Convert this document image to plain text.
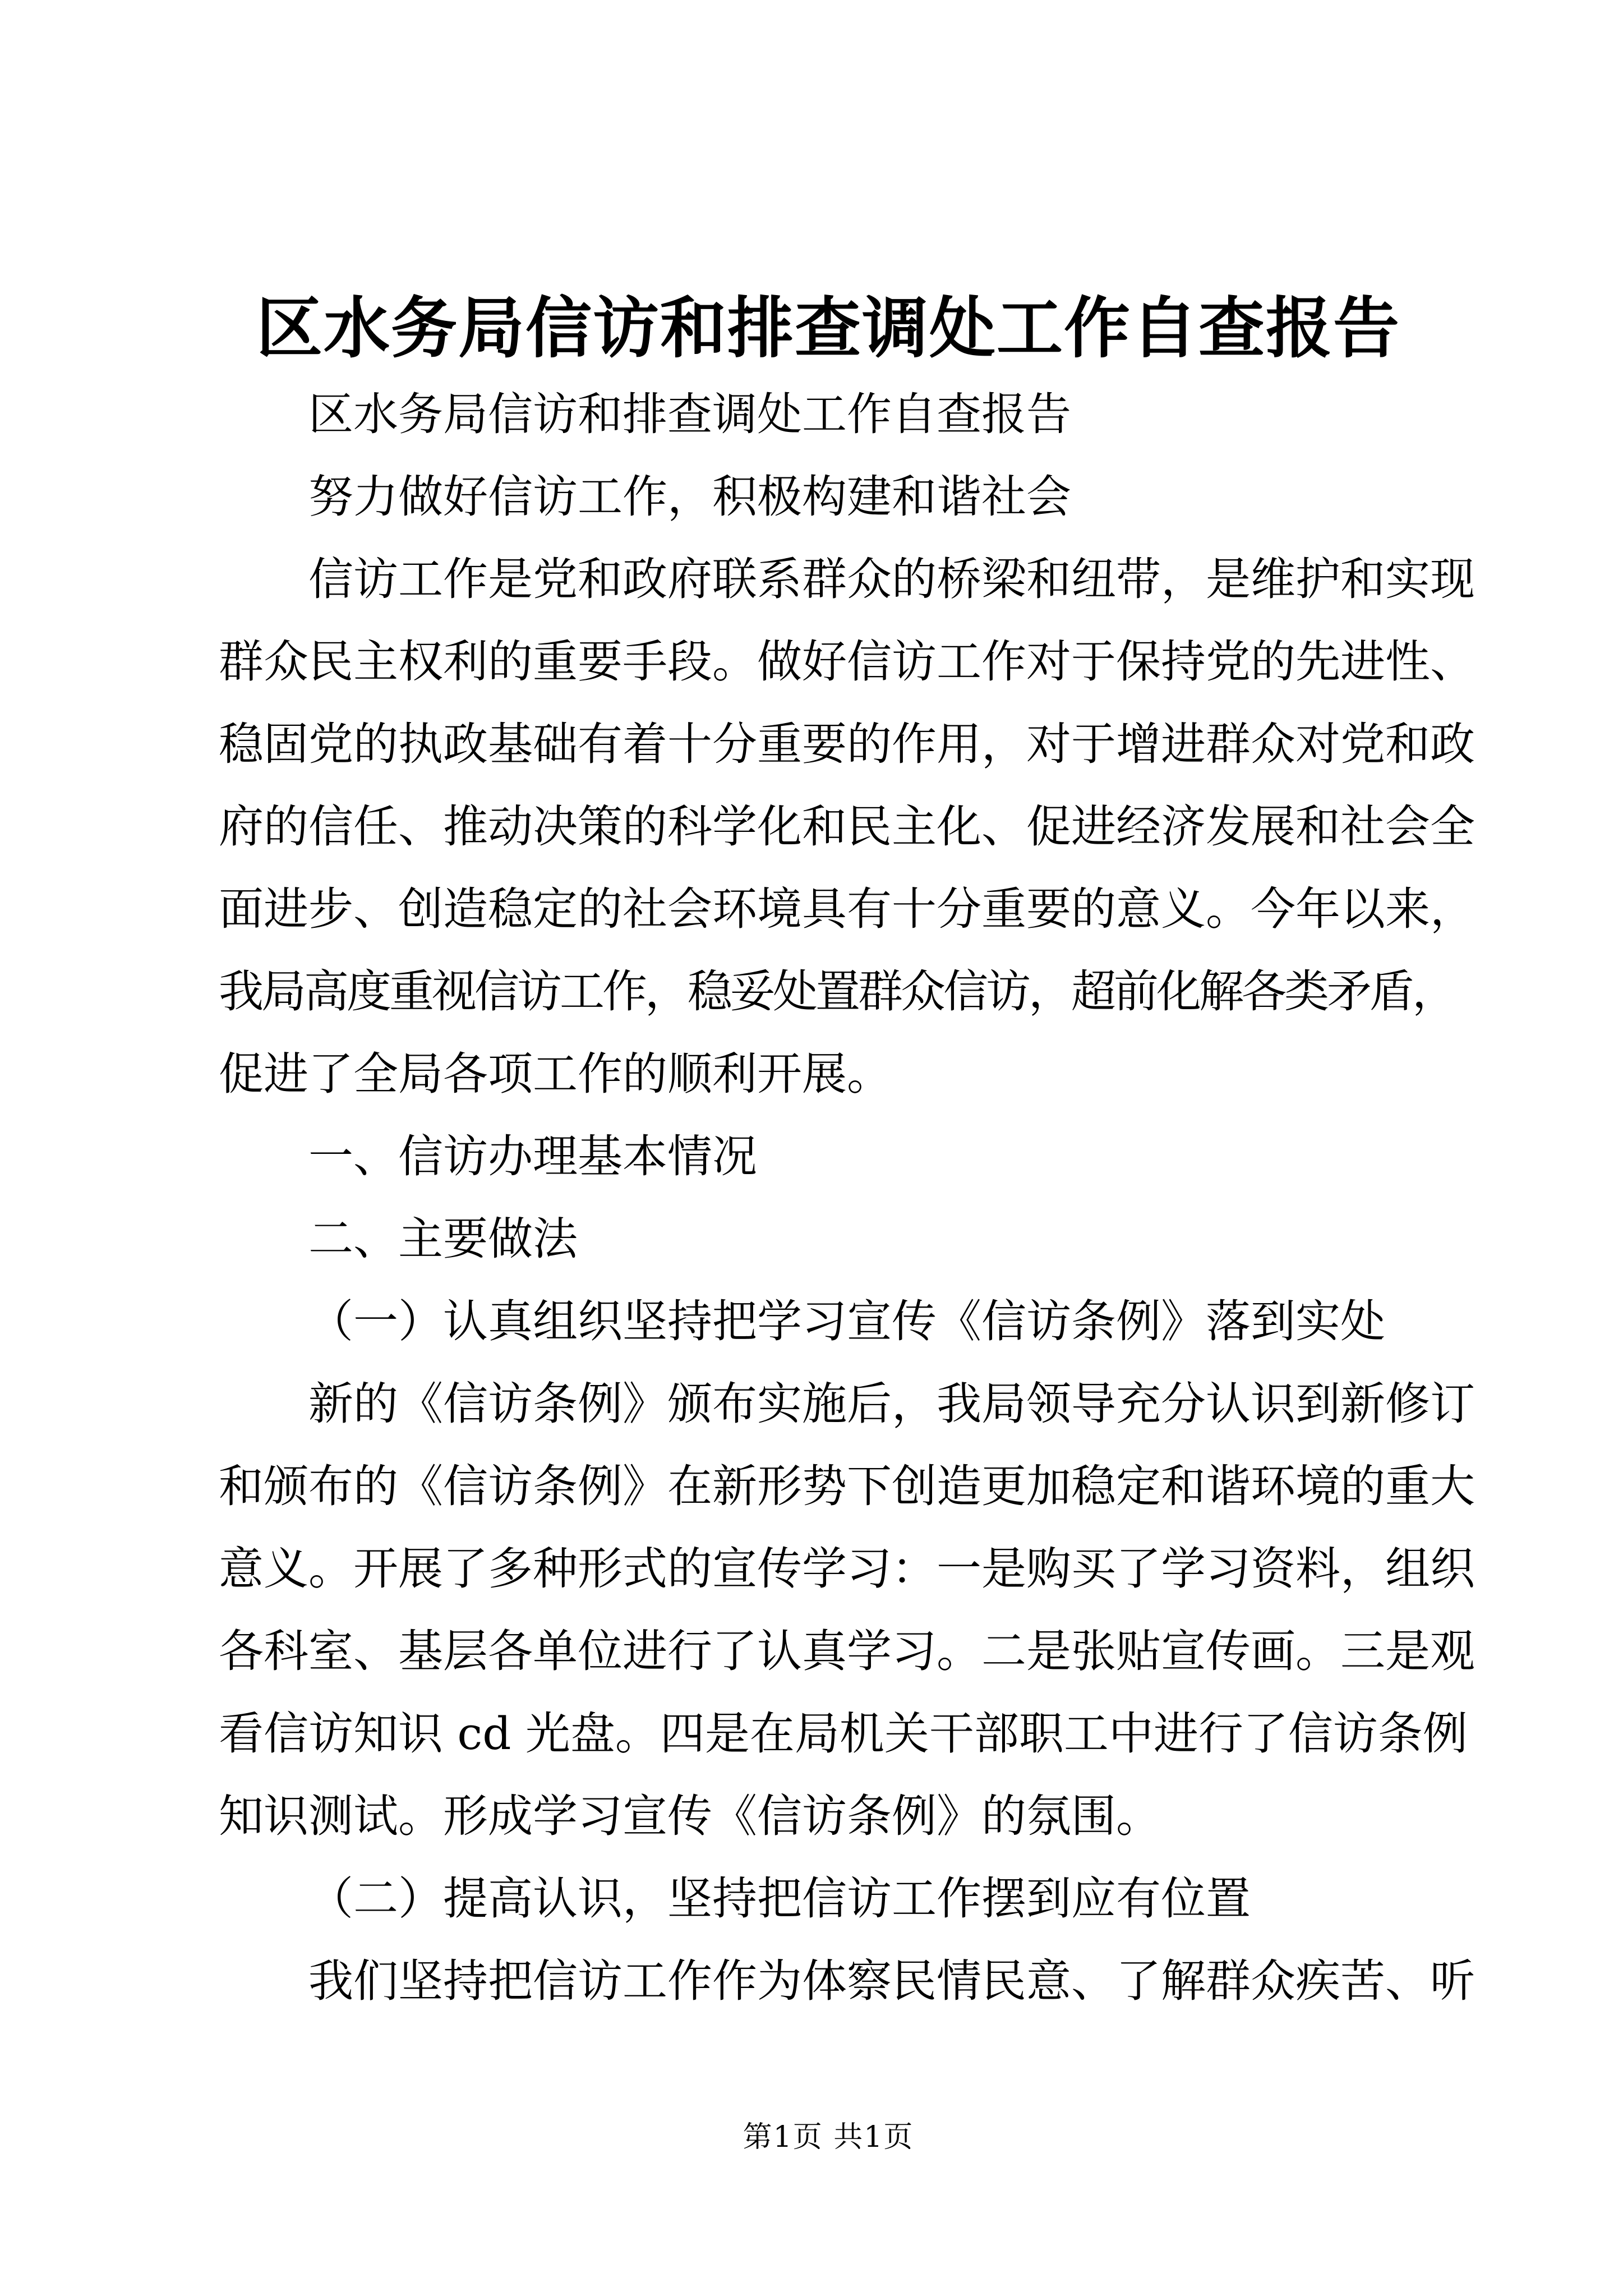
区水务局信访和排查调处工作自查报告
区水务局信访和排查调处工作自查报告
努力做好信访工作，积极构建和谐社会
信访工作是党和政府联系群众的桥梁和纽带，是维护和实现
群众民主权利的重要手段。做好信访工作对于保持党的先进性、
稳固党的执政基础有着十分重要的作用，对于增进群众对党和政
府的信任、推动决策的科学化和民主化、促进经济发展和社会全
面进步、创造稳定的社会环境具有十分重要的意义。今年以来，
我局高度重视信访工作，稳妥处置群众信访，超前化解各类矛盾，
促进了全局各项工作的顺利开展。
一、信访办理基本情况
二、主要做法
（一）认真组织坚持把学习宣传《信访条例》落到实处
新的《信访条例》颁布实施后，我局领导充分认识到新修订
和颁布的《信访条例》在新形势下创造更加稳定和谐环境的重大
意义。开展了多种形式的宣传学习：一是购买了学习资料，组织
各科室、基层各单位进行了认真学习。二是张贴宣传画。三是观
看信访知识 cd 光盘。四是在局机关干部职工中进行了信访条例
知识测试。形成学习宣传《信访条例》的氛围。
（二）提高认识，坚持把信访工作摆到应有位置
我们坚持把信访工作作为体察民情民意、了解群众疾苦、听
第1页 共1页
